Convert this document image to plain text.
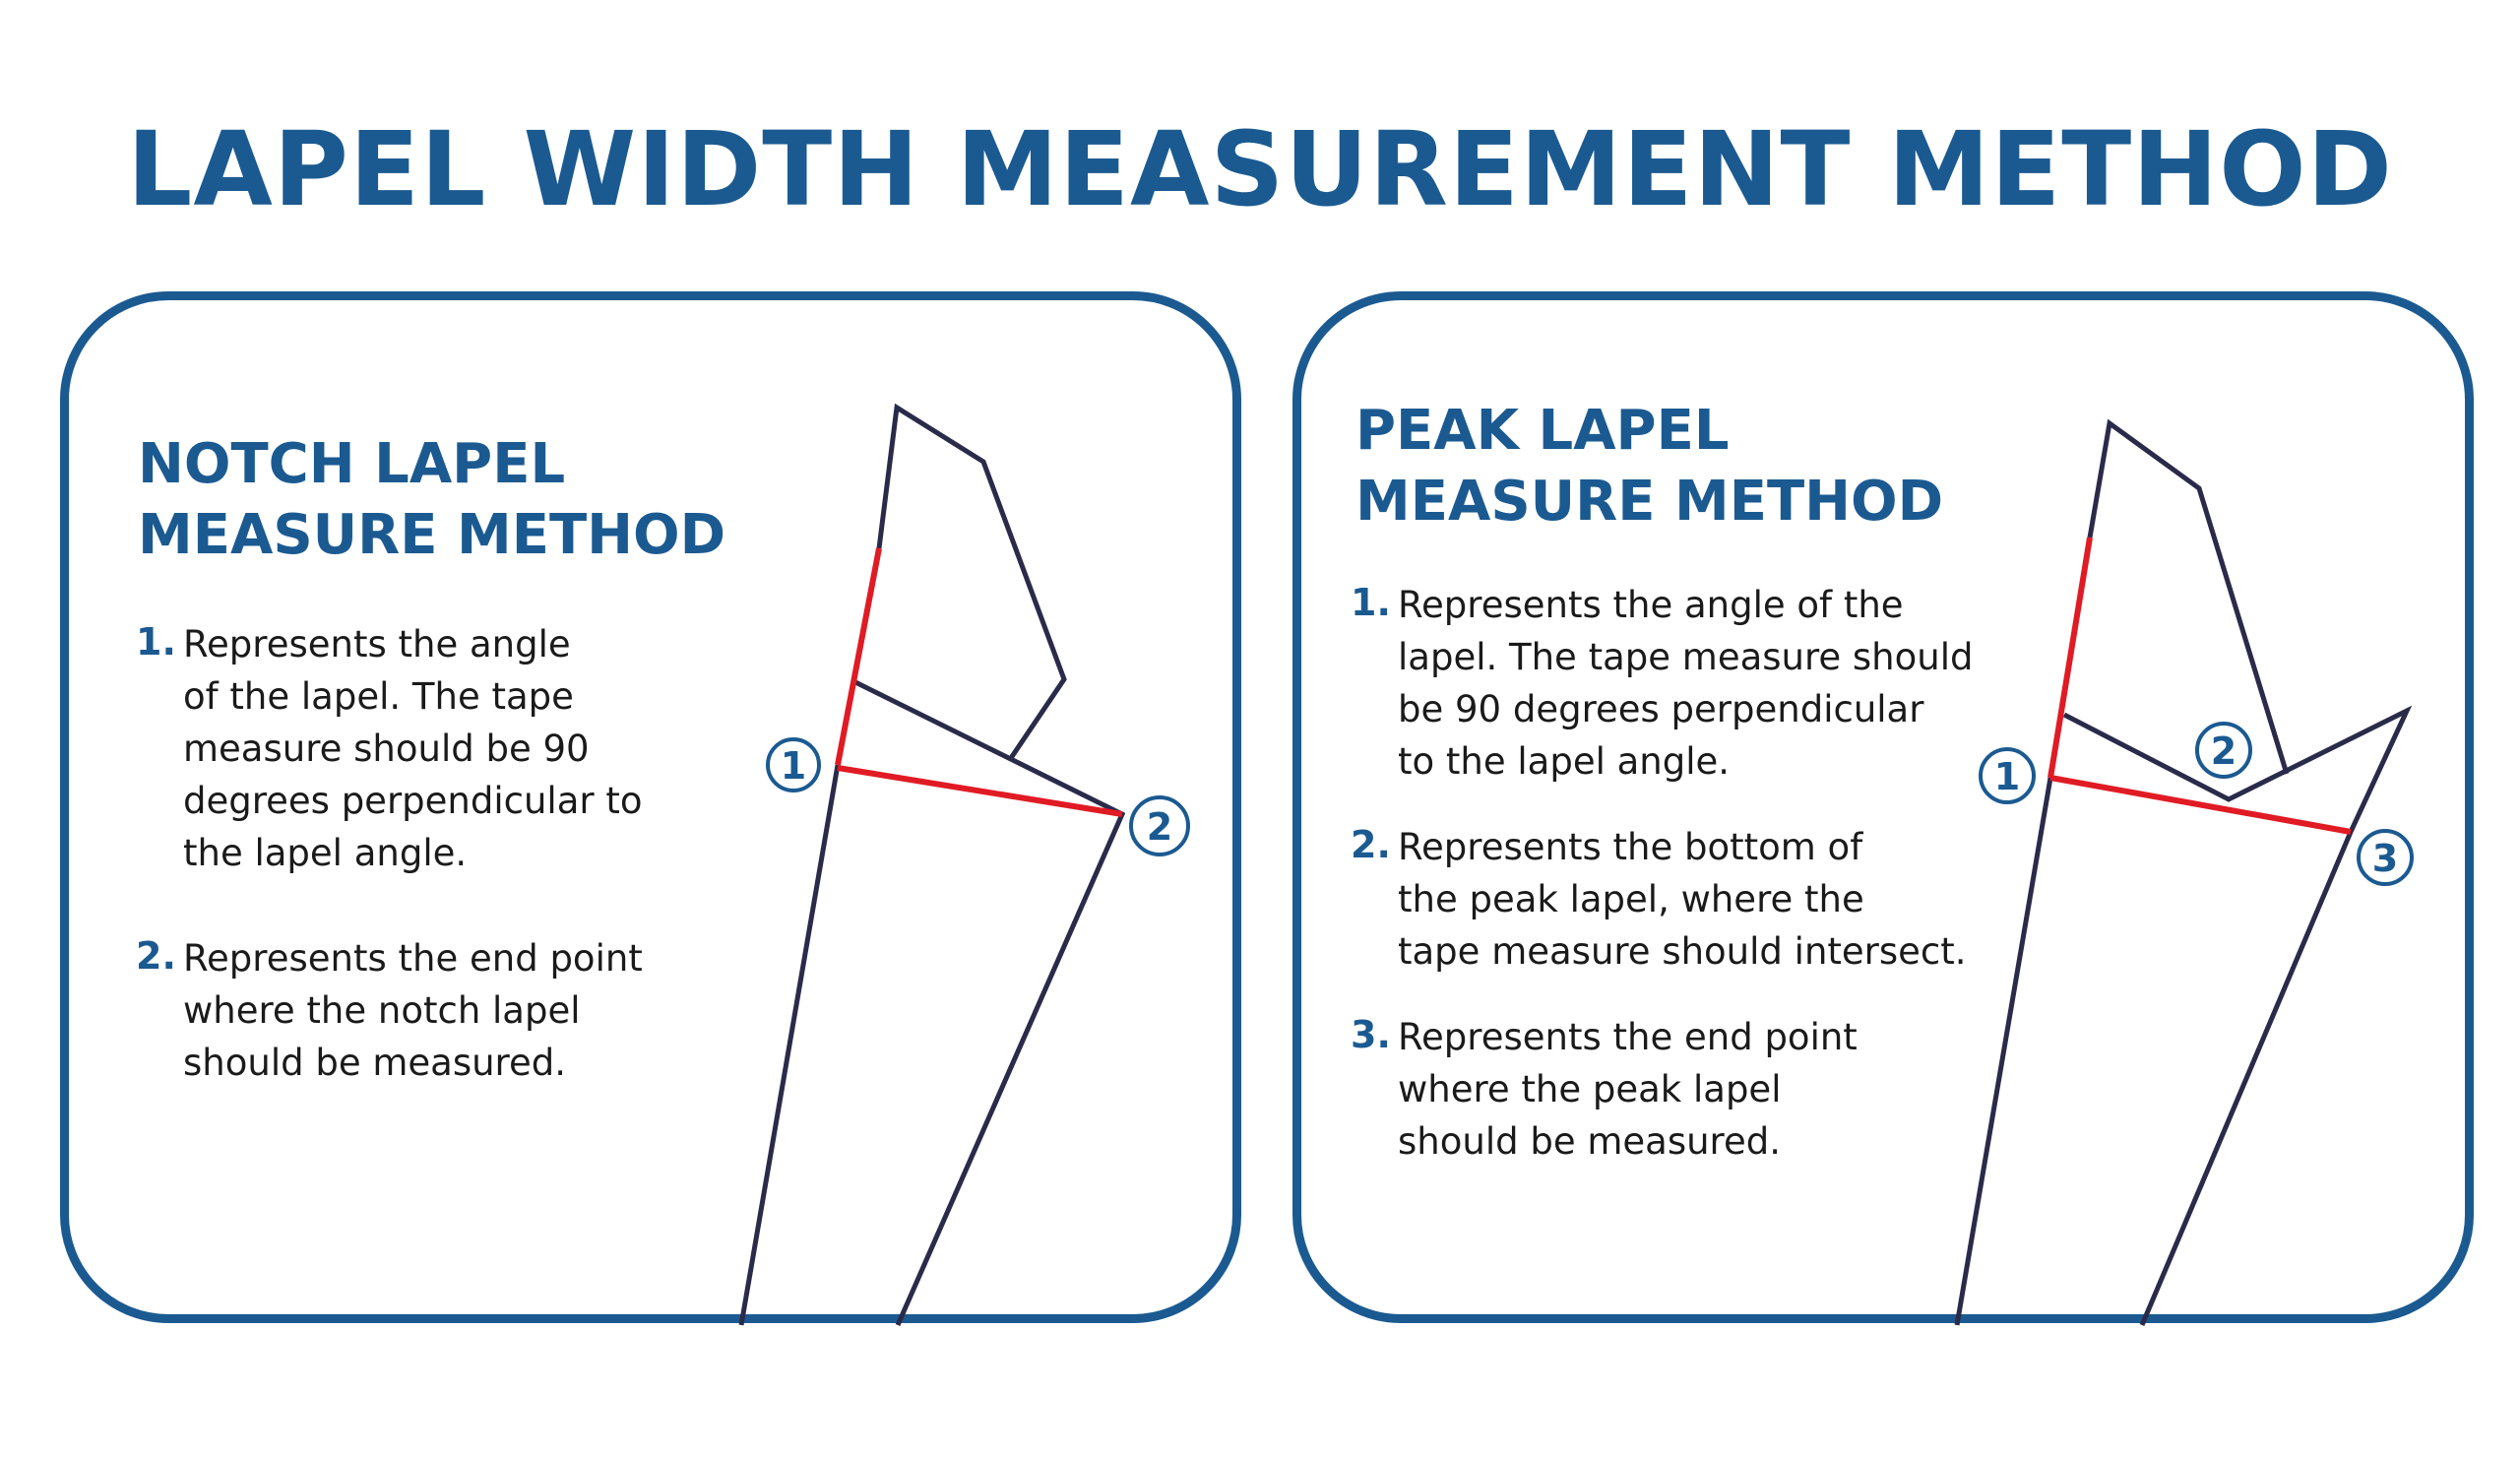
LAPEL WIDTH MEASUREMENT METHOD
NOTCH LAPEL
MEASURE METHOD
1. Represents the angle
of the lapel. The tape
measure should be 90
degrees perpendicular to
the lapel angle.
2. Represents the end point
where the notch lapel
should be measured.
PEAK LAPEL
MEASURE METHOD
1. Represents the angle of the
lapel. The tape measure should
be 90 degrees perpendicular
to the lapel angle.
2. Represents the bottom of
the peak lapel, where the
tape measure should intersect.
3. Represents the end point
where the peak lapel
should be measured.
1
2
1
2
3
